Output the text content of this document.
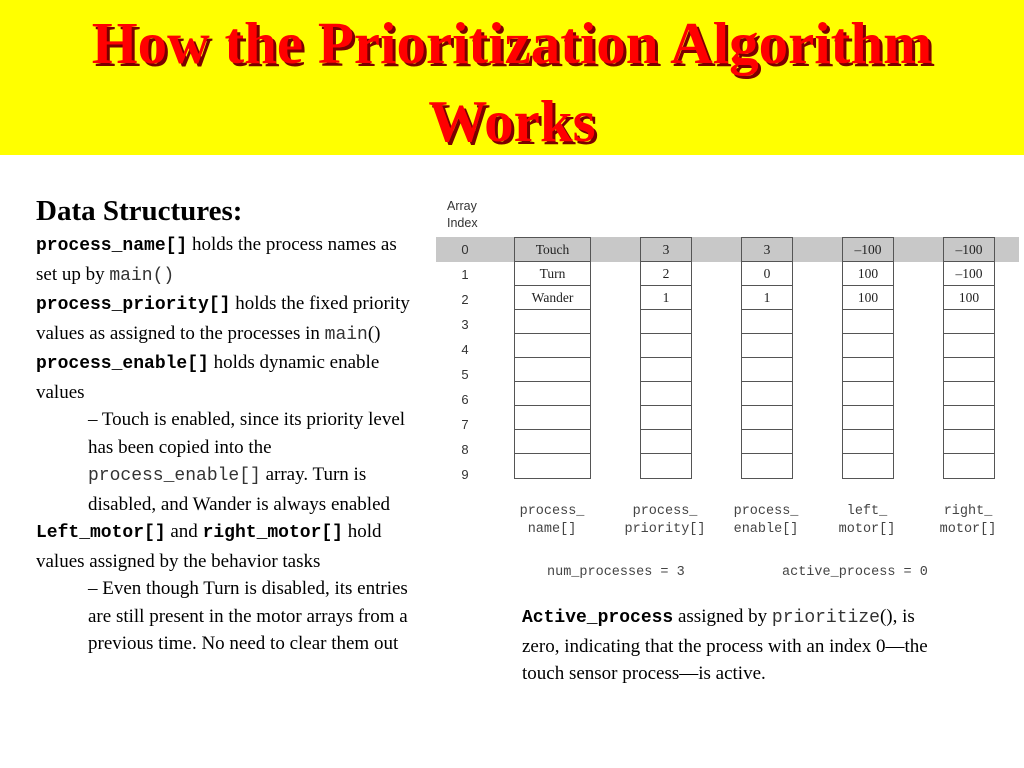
How the Prioritization Algorithm
Works
Data Structures:
process_name[] holds the process names as set up by main()
process_priority[] holds the fixed priority values as assigned to the processes in main()
process_enable[] holds dynamic enable values
– Touch is enabled, since its priority level has been copied into the process_enable[] array. Turn is disabled, and Wander is always enabled
Left_motor[] and right_motor[] hold values assigned by the behavior tasks
– Even though Turn is disabled, its entries are still present in the motor arrays from a previous time. No need to clear them out
Array
Index
0
1
2
3
4
5
6
7
8
9
Touch
Turn
Wander
3
2
1
3
0
1
–100
100
100
–100
–100
100
process_
name[]
process_
priority[]
process_
enable[]
left_
motor[]
right_
motor[]
num_processes = 3	active_process = 0
Active_process assigned by prioritize(), is zero, indicating that the process with an index 0—the touch sensor process—is active.
